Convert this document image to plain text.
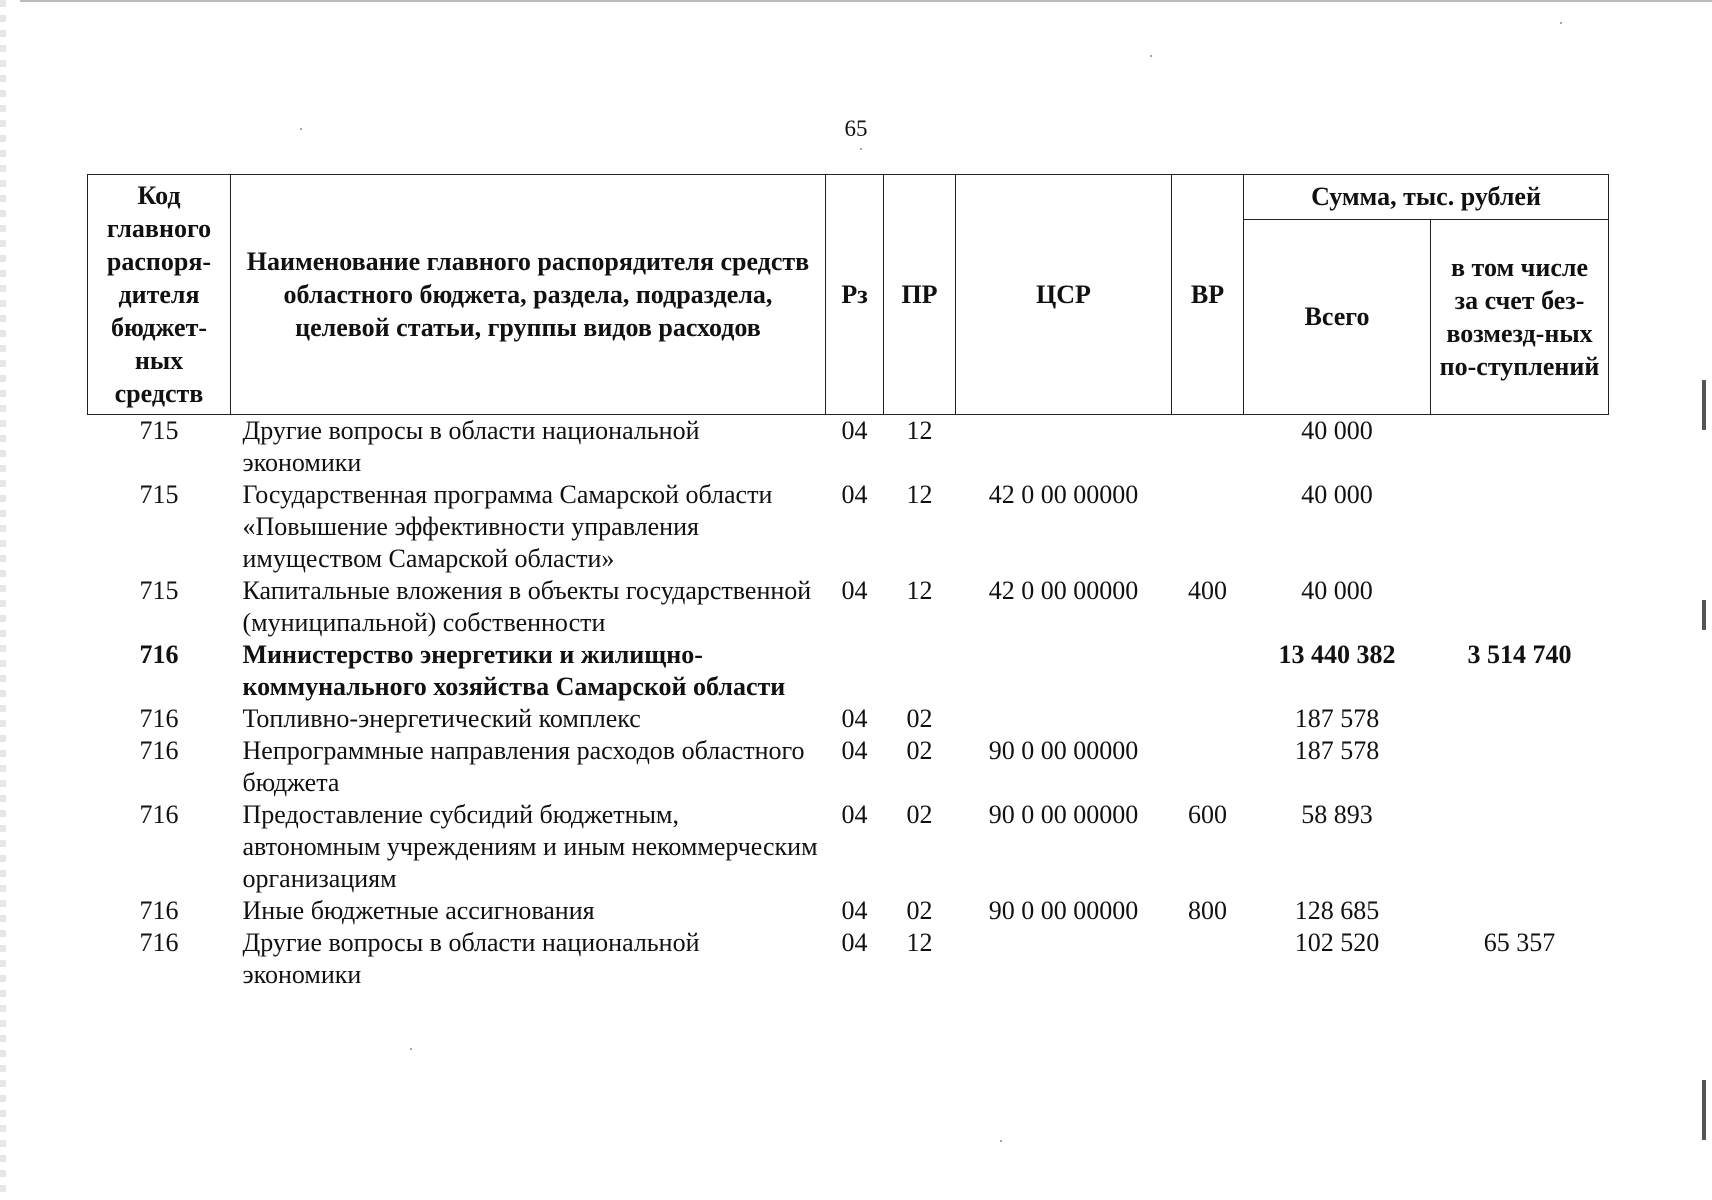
65
Код главного распоря-дителя бюджет-ных средств	Наименование главного распорядителя средств областного бюджета, раздела, подраздела, целевой статьи, группы видов расходов	Рз	ПР	ЦСР	ВР	Сумма, тыс. рублей	
						Всего	в том числе за счет без-возмезд-ных по-ступлений
715	Другие вопросы в области национальной экономики	04	12			40 000	
715	Государственная программа Самарской области «Повышение эффективности управления имуществом Самарской области»	04	12	42 0 00 00000		40 000	
715	Капитальные вложения в объекты государственной (муниципальной) собственности	04	12	42 0 00 00000	400	40 000	
716	Министерство энергетики и жилищно-коммунального хозяйства Самарской области					13 440 382	3 514 740
716	Топливно-энергетический комплекс	04	02			187 578	
716	Непрограммные направления расходов областного бюджета	04	02	90 0 00 00000		187 578	
716	Предоставление субсидий бюджетным, автономным учреждениям и иным некоммерческим организациям	04	02	90 0 00 00000	600	58 893	
716	Иные бюджетные ассигнования	04	02	90 0 00 00000	800	128 685	
716	Другие вопросы в области национальной экономики	04	12			102 520	65 357
